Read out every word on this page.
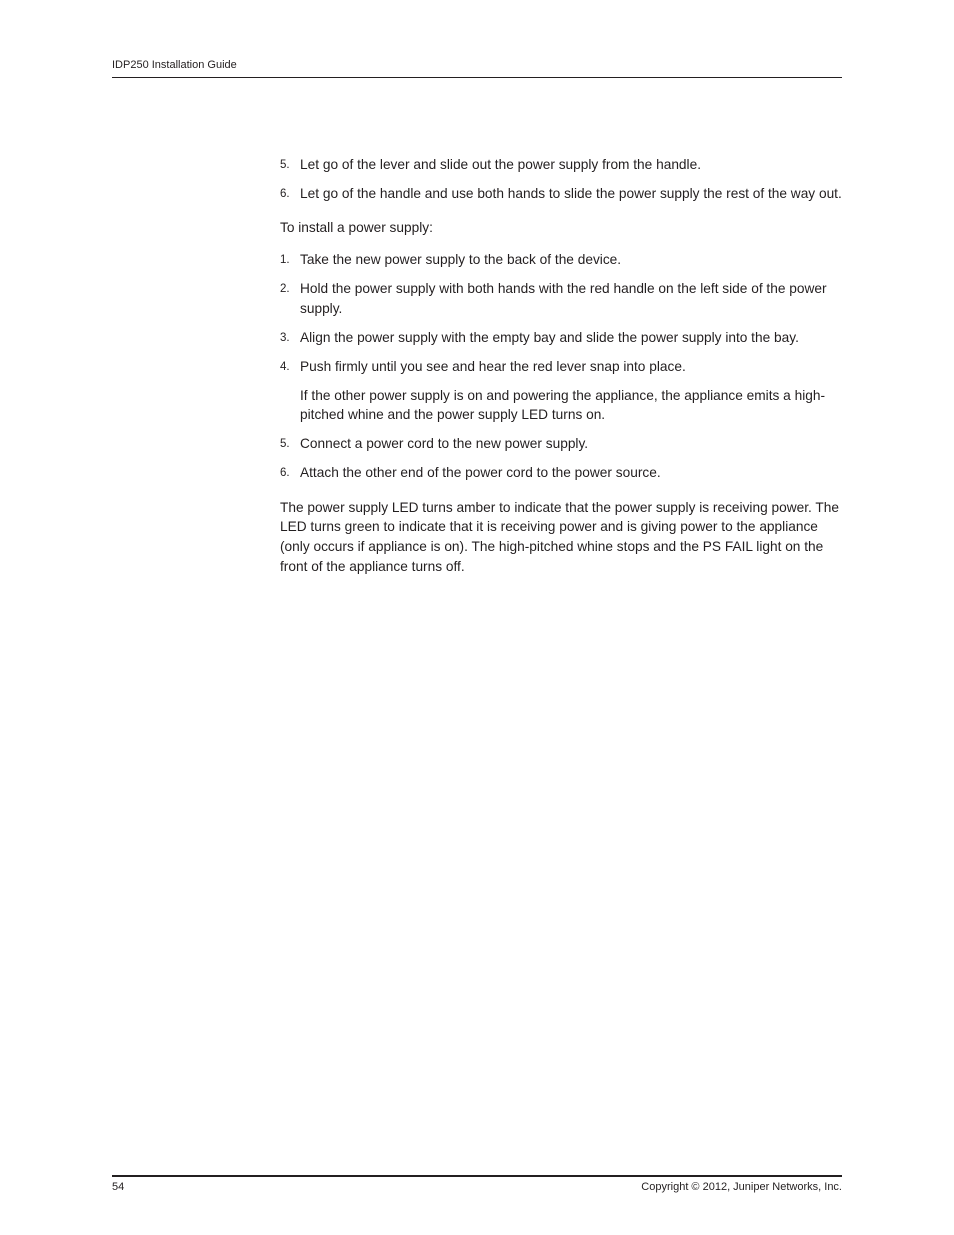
IDP250 Installation Guide
5. Let go of the lever and slide out the power supply from the handle.
6. Let go of the handle and use both hands to slide the power supply the rest of the way out.

To install a power supply:

1. Take the new power supply to the back of the device.
2. Hold the power supply with both hands with the red handle on the left side of the power supply.
3. Align the power supply with the empty bay and slide the power supply into the bay.
4. Push firmly until you see and hear the red lever snap into place.

If the other power supply is on and powering the appliance, the appliance emits a high-pitched whine and the power supply LED turns on.

5. Connect a power cord to the new power supply.
6. Attach the other end of the power cord to the power source.

The power supply LED turns amber to indicate that the power supply is receiving power. The LED turns green to indicate that it is receiving power and is giving power to the appliance (only occurs if appliance is on). The high-pitched whine stops and the PS FAIL light on the front of the appliance turns off.

54	Copyright © 2012, Juniper Networks, Inc.
